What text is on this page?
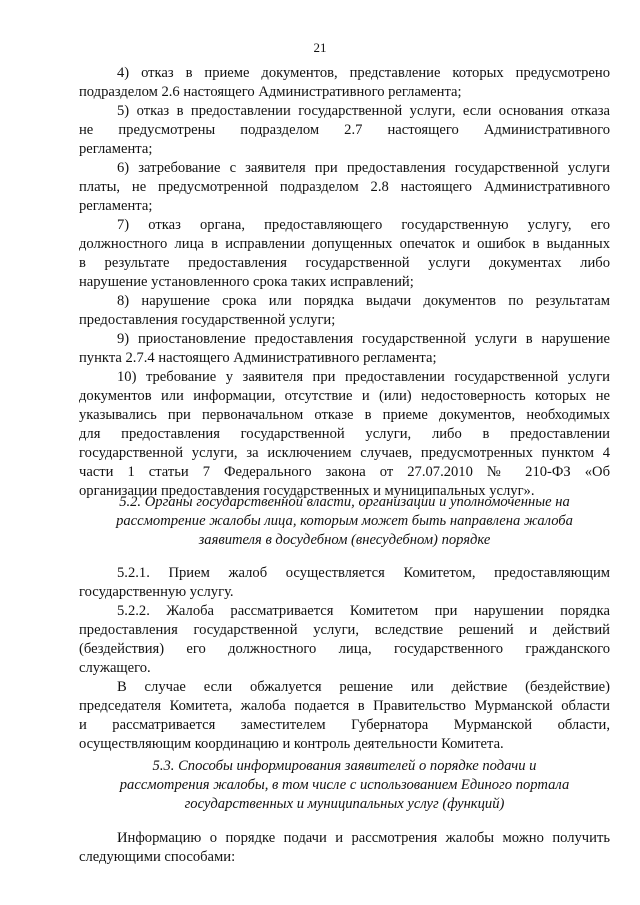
21

4) отказ в приеме документов, представление которых предусмотрено
подразделом 2.6 настоящего Административного регламента;

5) отказ в предоставлении государственной услуги, если основания отказа
не предусмотрены подразделом 2.7 настоящего Административного
регламента;

6) затребование с заявителя при предоставления государственной услуги
платы, не предусмотренной подразделом 2.8 настоящего Административного
регламента;

7) отказ органа, предоставляющего государственную услугу, его
должностного лица в исправлении допущенных опечаток и ошибок в выданных
в результате предоставления государственной услуги документах либо
нарушение установленного срока таких исправлений;

8) нарушение срока или порядка выдачи документов по результатам
предоставления государственной услуги;

9) приостановление предоставления государственной услуги в нарушение
пункта 2.7.4 настоящего Административного регламента;

10) требование у заявителя при предоставлении государственной услуги
документов или информации, отсутствие и (или) недостоверность которых не
указывались при первоначальном отказе в приеме документов, необходимых
для предоставления государственной услуги, либо в предоставлении
государственной услуги, за исключением случаев, предусмотренных пунктом 4
части 1 статьи 7 Федерального закона от 27.07.2010 № 210-ФЗ «Об
организации предоставления государственных и муниципальных услуг».

5.2. Органы государственной власти, организации и уполномоченные на
рассмотрение жалобы лица, которым может быть направлена жалоба
заявителя в досудебном (внесудебном) порядке

5.2.1. Прием жалоб осуществляется Комитетом, предоставляющим
государственную услугу.

5.2.2. Жалоба рассматривается Комитетом при нарушении порядка
предоставления государственной услуги, вследствие решений и действий
(бездействия) его должностного лица, государственного гражданского
служащего.

В случае если обжалуется решение или действие (бездействие)
председателя Комитета, жалоба подается в Правительство Мурманской области
и рассматривается заместителем Губернатора Мурманской области,
осуществляющим координацию и контроль деятельности Комитета.

5.3. Способы информирования заявителей о порядке подачи и
рассмотрения жалобы, в том числе с использованием Единого портала
государственных и муниципальных услуг (функций)

Информацию о порядке подачи и рассмотрения жалобы можно получить
следующими способами:
